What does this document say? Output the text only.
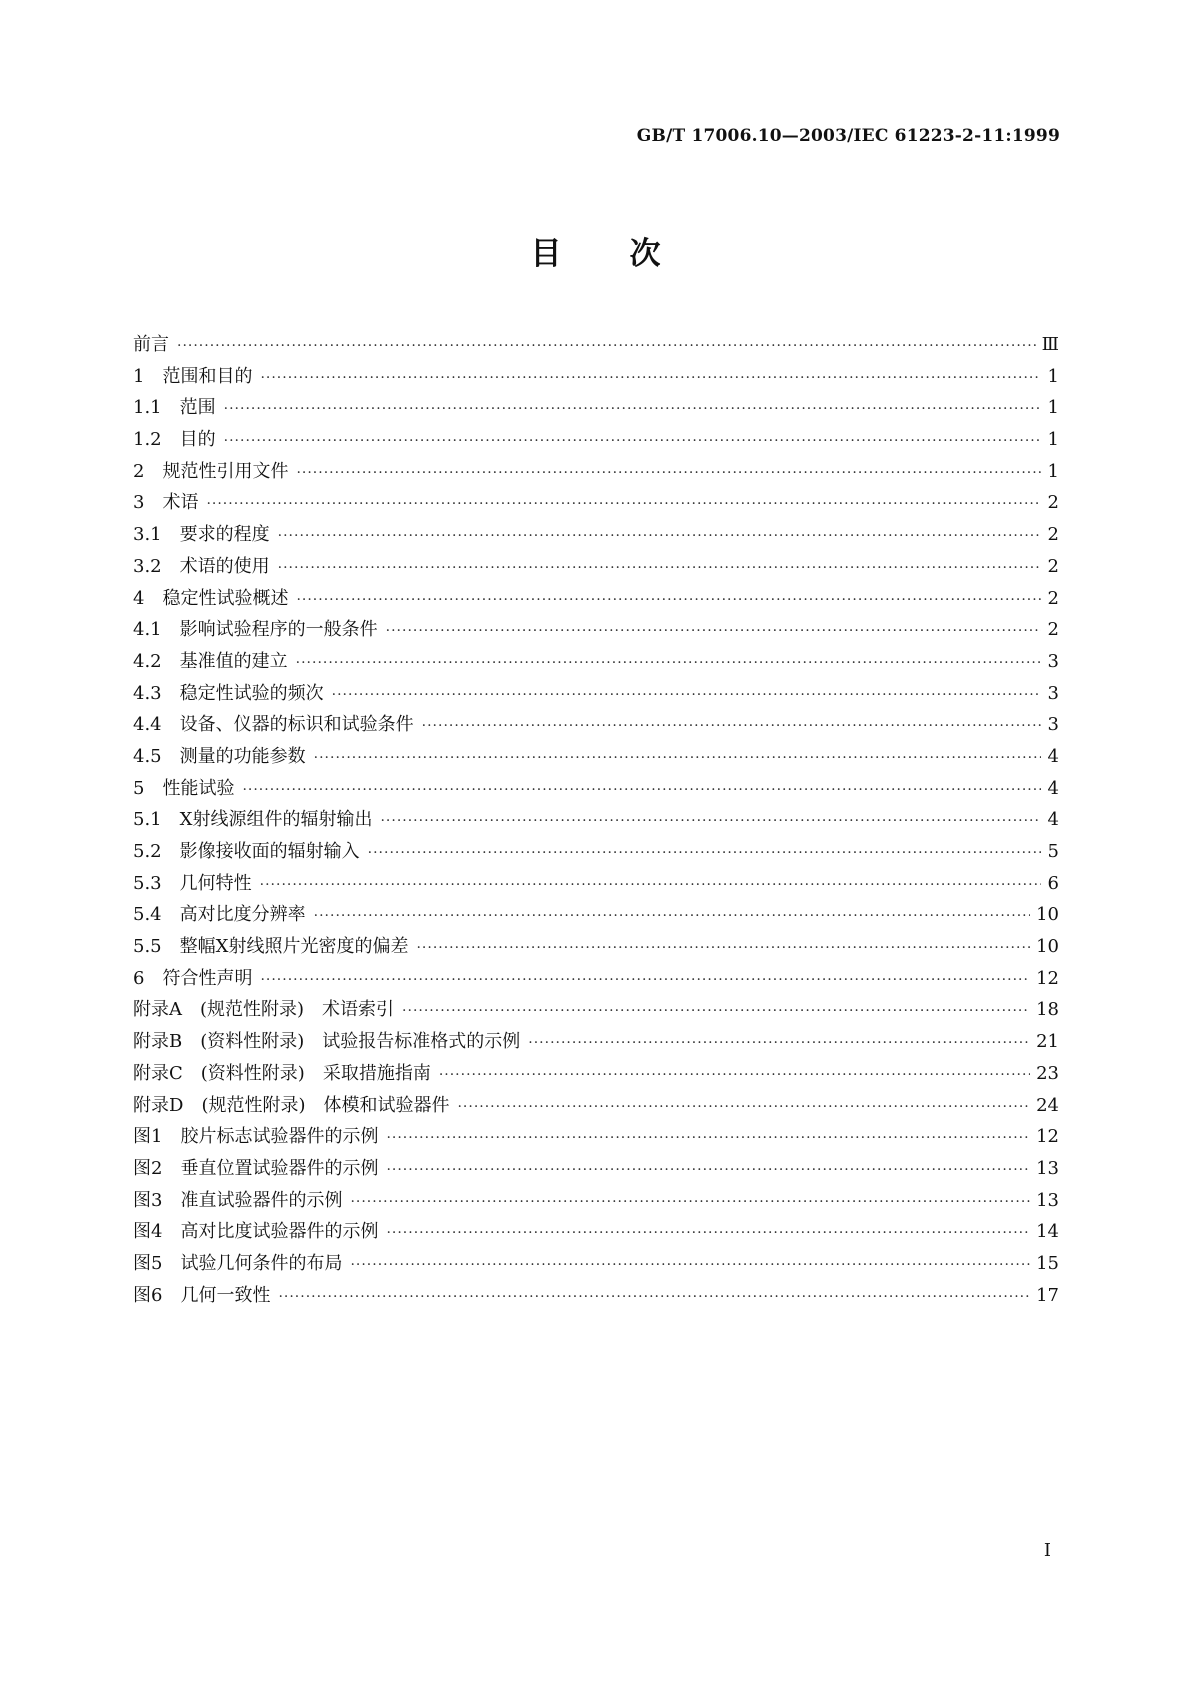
GB/T 17006.10—2003/IEC 61223-2-11:1999
目 次
前言 ·····	Ⅲ
1 范围和目的 ·····	1
1.1 范围 ·····	1
1.2 目的 ·····	1
2 规范性引用文件 ·····	1
3 术语 ·····	2
3.1 要求的程度 ·····	2
3.2 术语的使用 ·····	2
4 稳定性试验概述 ·····	2
4.1 影响试验程序的一般条件 ·····	2
4.2 基准值的建立 ·····	3
4.3 稳定性试验的频次 ·····	3
4.4 设备、仪器的标识和试验条件 ·····	3
4.5 测量的功能参数 ·····	4
5 性能试验 ·····	4
5.1 X射线源组件的辐射输出 ·····	4
5.2 影像接收面的辐射输入 ·····	5
5.3 几何特性 ·····	6
5.4 高对比度分辨率 ·····	10
5.5 整幅X射线照片光密度的偏差 ·····	10
6 符合性声明 ·····	12
附录A (规范性附录)　术语索引 ·····	18
附录B (资料性附录)　试验报告标准格式的示例 ·····	21
附录C (资料性附录)　采取措施指南 ·····	23
附录D (规范性附录)　体模和试验器件 ·····	24
图1 胶片标志试验器件的示例 ·····	12
图2 垂直位置试验器件的示例 ·····	13
图3 准直试验器件的示例 ·····	13
图4 高对比度试验器件的示例 ·····	14
图5 试验几何条件的布局 ·····	15
图6 几何一致性 ·····	17
I
